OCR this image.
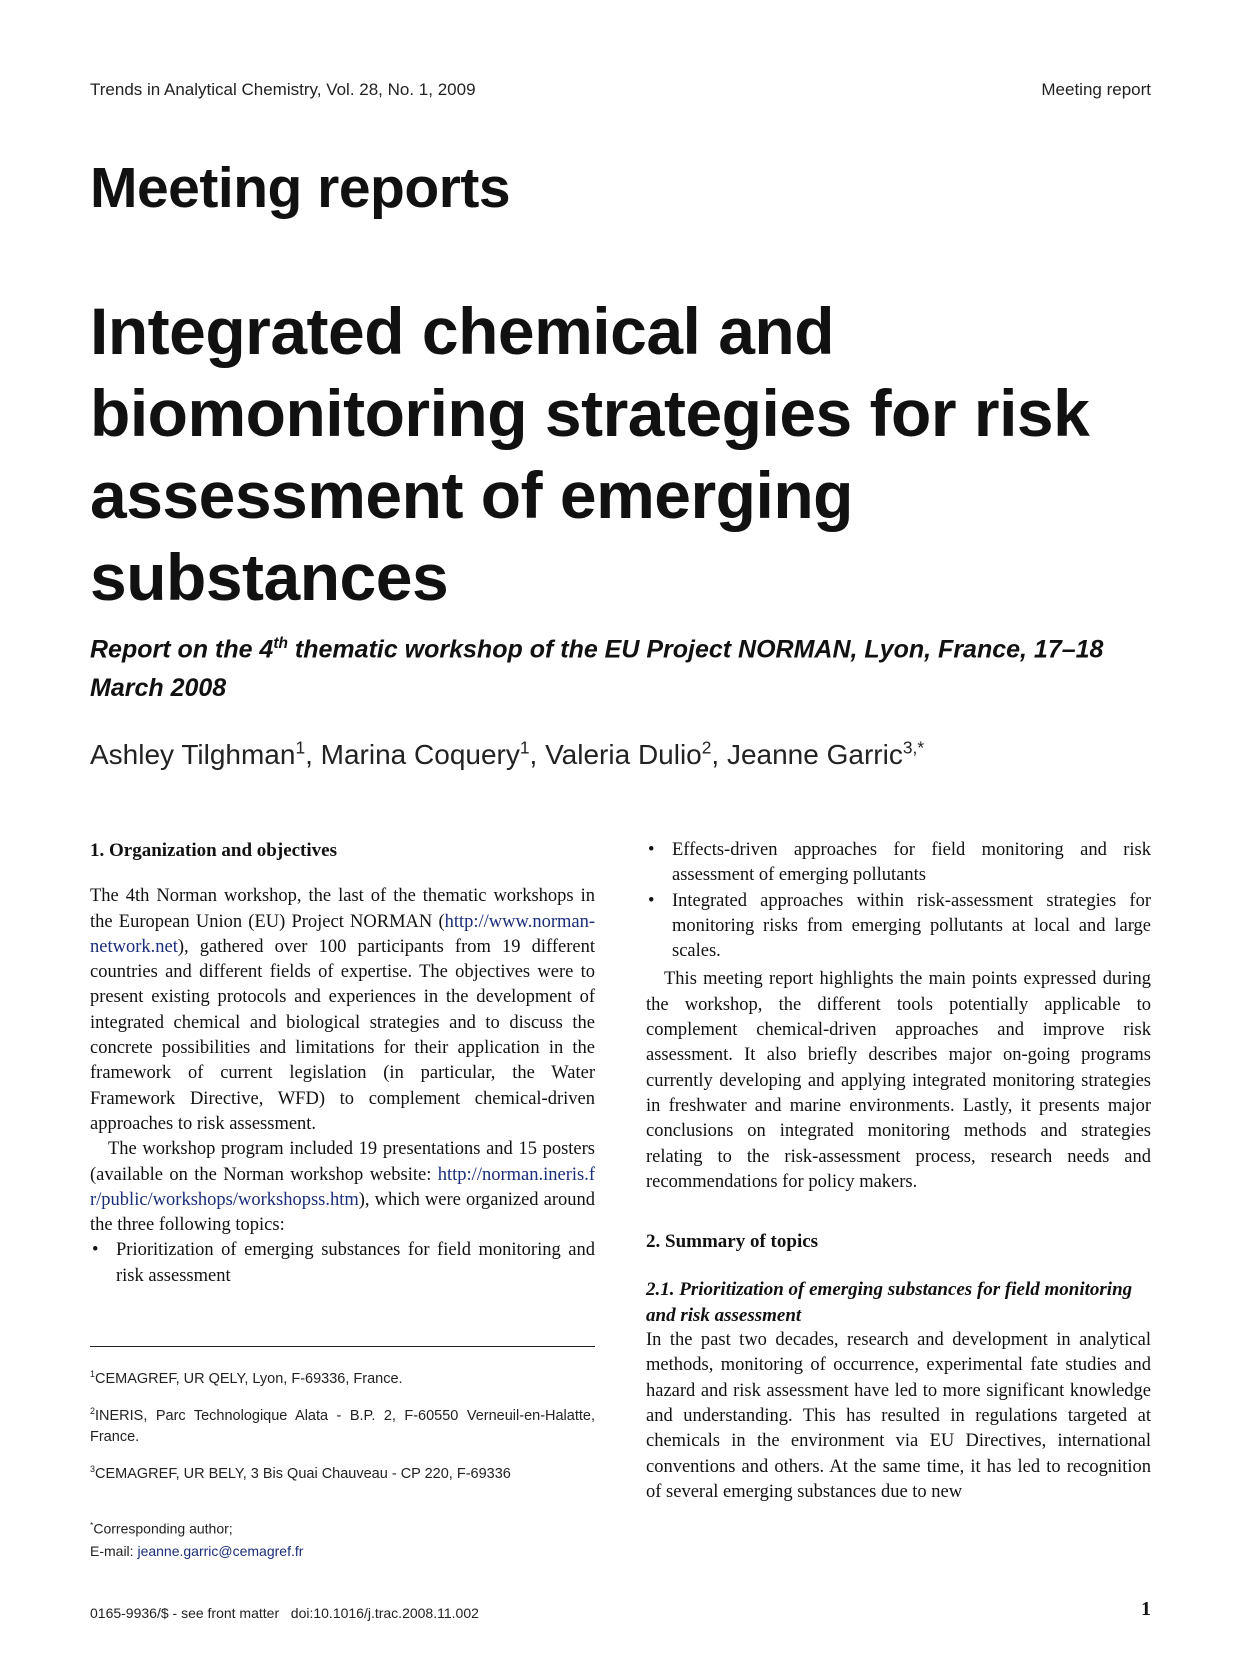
Trends in Analytical Chemistry, Vol. 28, No. 1, 2009	Meeting report
Meeting reports
Integrated chemical and biomonitoring strategies for risk assessment of emerging substances
Report on the 4th thematic workshop of the EU Project NORMAN, Lyon, France, 17–18 March 2008
Ashley Tilghman$^1$, Marina Coquery$^1$, Valeria Dulio$^2$, Jeanne Garric$^{3,*}$
1. Organization and objectives

The 4th Norman workshop, the last of the thematic workshops in the European Union (EU) Project NORMAN (http://www.norman-network.net), gathered over 100 participants from 19 different countries and different fields of expertise. The objectives were to present existing protocols and experiences in the development of integrated chemical and biological strategies and to discuss the concrete possibilities and limitations for their application in the framework of current legislation (in particular, the Water Framework Directive, WFD) to complement chemical-driven approaches to risk assessment.

The workshop program included 19 presentations and 15 posters (available on the Norman workshop website: http://norman.ineris.fr/public/workshops/workshopss.htm), which were organized around the three following topics:

• Prioritization of emerging substances for field monitoring and risk assessment
• Effects-driven approaches for field monitoring and risk assessment of emerging pollutants
• Integrated approaches within risk-assessment strategies for monitoring risks from emerging pollutants at local and large scales.

This meeting report highlights the main points expressed during the workshop, the different tools potentially applicable to complement chemical-driven approaches and improve risk assessment. It also briefly describes major on-going programs currently developing and applying integrated monitoring strategies in freshwater and marine environments. Lastly, it presents major conclusions on integrated monitoring methods and strategies relating to the risk-assessment process, research needs and recommendations for policy makers.

2. Summary of topics
2.1. Prioritization of emerging substances for field monitoring and risk assessment

In the past two decades, research and development in analytical methods, monitoring of occurrence, experimental fate studies and hazard and risk assessment have led to more significant knowledge and understanding. This has resulted in regulations targeted at chemicals in the environment via EU Directives, international conventions and others. At the same time, it has led to recognition of several emerging substances due to new

$^1$CEMAGREF, UR QELY, Lyon, F-69336, France.
$^2$INERIS, Parc Technologique Alata - B.P. 2, F-60550 Verneuil-en-Halatte, France.
$^3$CEMAGREF, UR BELY, 3 Bis Quai Chauveau - CP 220, F-69336
*Corresponding author;
E-mail: jeanne.garric@cemagref.fr
0165-9936/$ - see front matter   doi:10.1016/j.trac.2008.11.002	1
